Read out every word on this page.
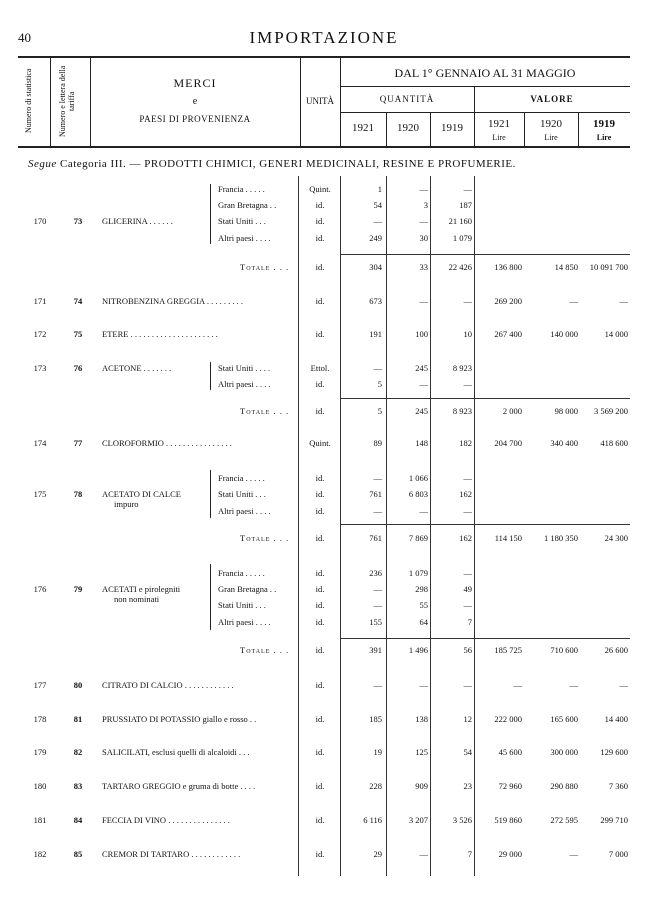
40	IMPORTAZIONE
Numero di statistica	Numero e lettera della tariffa
MERCI
e
PAESI DI PROVENIENZA
UNITÀ
DAL 1° GENNAIO AL 31 MAGGIO
QUANTITÀ	VALORE
1921	1920	1919	1921	1920	1919
Lire	Lire	Lire
Segue Categoria III. — PRODOTTI CHIMICI, GENERI MEDICINALI, RESINE E PROFUMERIE.
Francia . . . . .	Quint.	1	—	—
Gran Bretagna . .	id.	54	3	187
170	73	GLICERINA . . . . . .	Stati Uniti . . .	id.	—	—	21 160
Altri paesi . . . .	id.	249	30	1 079
Totale . . .	id.	304	33	22 426	136 800	14 850	10 091 700
171	74	NITROBENZINA GREGGIA . . . . . . . . .	id.	673	—	—	269 200	—	—
172	75	ETERE . . . . . . . . . . . . . . . . . . . . .	id.	191	100	10	267 400	140 000	14 000
173	76	ACETONE . . . . . . .	Stati Uniti . . . .	Ettol.	—	245	8 923
Altri paesi . . . .	id.	5	—	—
Totale . . .	id.	5	245	8 923	2 000	98 000	3 569 200
174	77	CLOROFORMIO . . . . . . . . . . . . . . . .	Quint.	89	148	182	204 700	340 400	418 600
Francia . . . . .	id.	—	1 066	—
175	78	ACETATO DI CALCE
impuro
Stati Uniti . . .	id.	761	6 803	162
Altri paesi . . . .	id.	—	—	—
Totale . . .	id.	761	7 869	162	114 150	1 180 350	24 300
Francia . . . . .	id.	236	1 079	—
176	79	ACETATI e pirolegniti
non nominati
Gran Bretagna . .	id.	—	298	49
Stati Uniti . . .	id.	—	55	—
Altri paesi . . . .	id.	155	64	7
Totale . . .	id.	391	1 496	56	185 725	710 600	26 600
177	80	CITRATO DI CALCIO . . . . . . . . . . . .	id.	—	—	—	—	—	—
178	81	PRUSSIATO DI POTASSIO giallo e rosso . .	id.	185	138	12	222 000	165 600	14 400
179	82	SALICILATI, esclusi quelli di alcaloidi . . .	id.	19	125	54	45 600	300 000	129 600
180	83	TARTARO GREGGIO e gruma di botte . . . .	id.	228	909	23	72 960	290 880	7 360
181	84	FECCIA DI VINO . . . . . . . . . . . . . . .	id.	6 116	3 207	3 526	519 860	272 595	299 710
182	85	CREMOR DI TARTARO . . . . . . . . . . . .	id.	29	—	7	29 000	—	7 000
